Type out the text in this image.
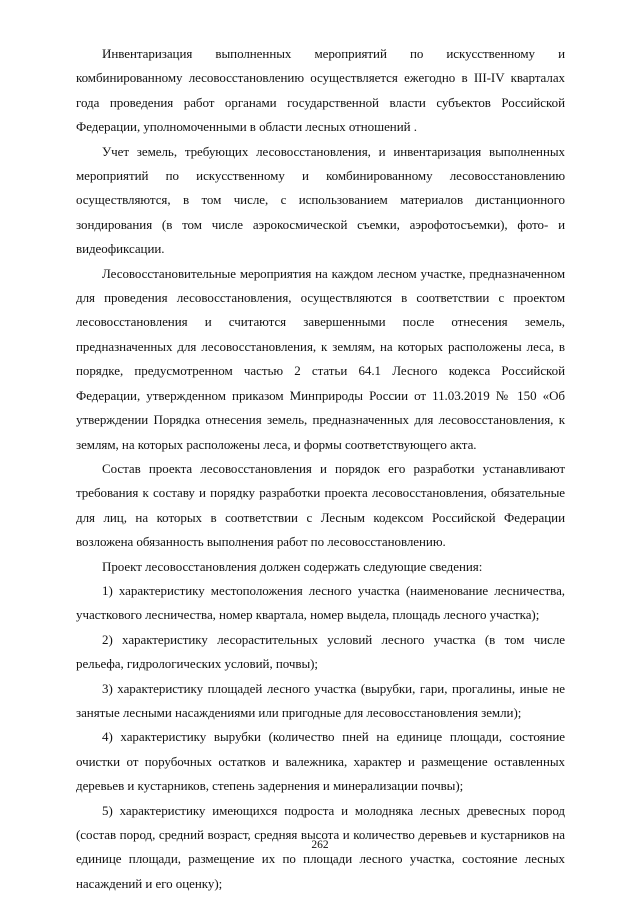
Инвентаризация выполненных мероприятий по искусственному и комбинированному лесовосстановлению осуществляется ежегодно в III-IV кварталах года проведения работ органами государственной власти субъектов Российской Федерации, уполномоченными в области лесных отношений .

Учет земель, требующих лесовосстановления, и инвентаризация выполненных мероприятий по искусственному и комбинированному лесовосстановлению осуществляются, в том числе, с использованием материалов дистанционного зондирования (в том числе аэрокосмической съемки, аэрофотосъемки), фото- и видеофиксации.

Лесовосстановительные мероприятия на каждом лесном участке, предназначенном для проведения лесовосстановления, осуществляются в соответствии с проектом лесовосстановления и считаются завершенными после отнесения земель, предназначенных для лесовосстановления, к землям, на которых расположены леса, в порядке, предусмотренном частью 2 статьи 64.1 Лесного кодекса Российской Федерации, утвержденном приказом Минприроды России от 11.03.2019 № 150 «Об утверждении Порядка отнесения земель, предназначенных для лесовосстановления, к землям, на которых расположены леса, и формы соответствующего акта.

Состав проекта лесовосстановления и порядок его разработки устанавливают требования к составу и порядку разработки проекта лесовосстановления, обязательные для лиц, на которых в соответствии с Лесным кодексом Российской Федерации возложена обязанность выполнения работ по лесовосстановлению.

Проект лесовосстановления должен содержать следующие сведения:

1) характеристику местоположения лесного участка (наименование лесничества, участкового лесничества, номер квартала, номер выдела, площадь лесного участка);

2) характеристику лесорастительных условий лесного участка (в том числе рельефа, гидрологических условий, почвы);

3) характеристику площадей лесного участка (вырубки, гари, прогалины, иные не занятые лесными насаждениями или пригодные для лесовосстановления земли);

4) характеристику вырубки (количество пней на единице площади, состояние очистки от порубочных остатков и валежника, характер и размещение оставленных деревьев и кустарников, степень задернения и минерализации почвы);

5) характеристику имеющихся подроста и молодняка лесных древесных пород (состав пород, средний возраст, средняя высота и количество деревьев и кустарников на единице площади, размещение их по площади лесного участка, состояние лесных насаждений и его оценку);

262
